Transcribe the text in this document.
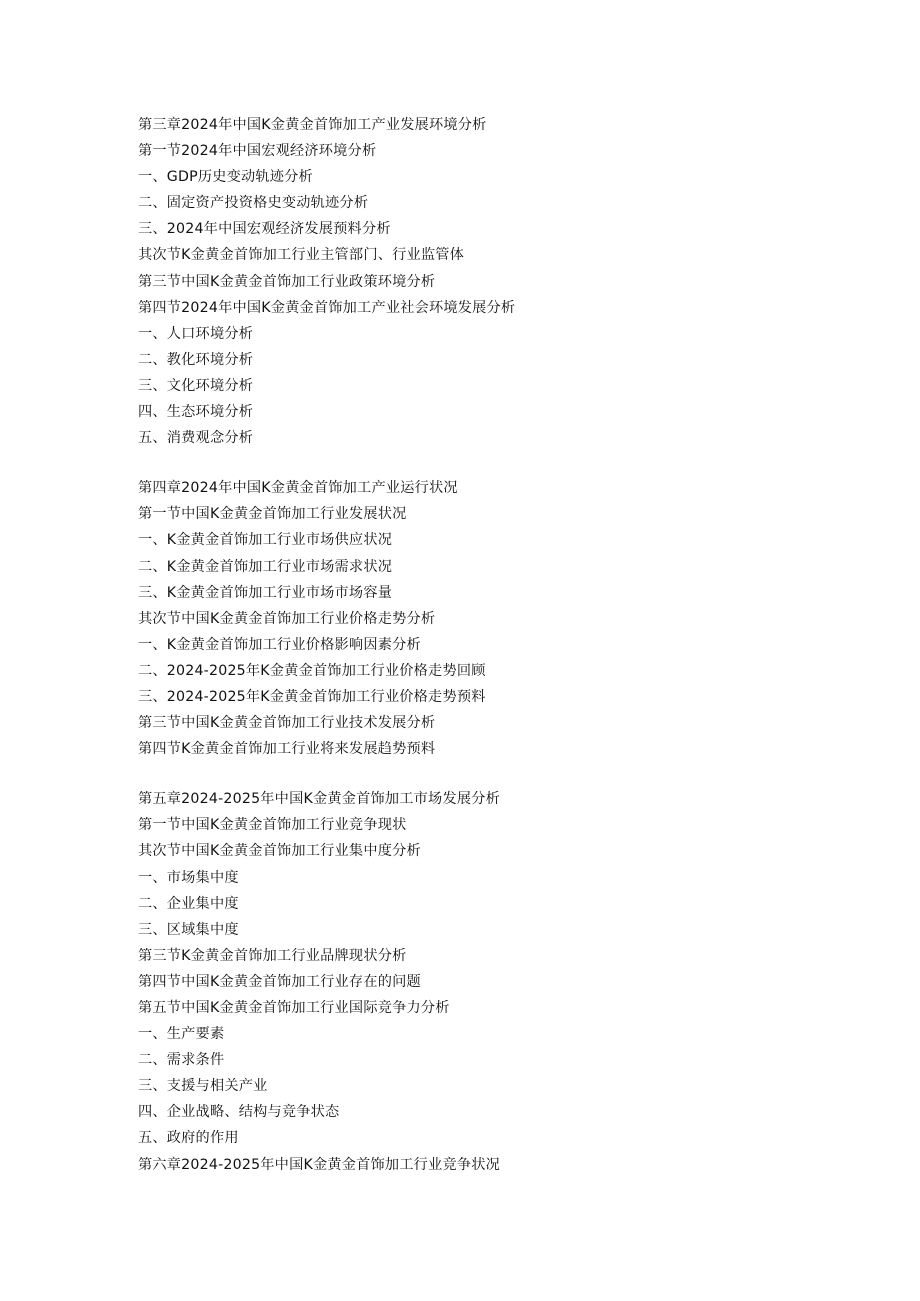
第三章2024年中国K金黄金首饰加工产业发展环境分析
第一节2024年中国宏观经济环境分析
一、GDP历史变动轨迹分析
二、固定资产投资格史变动轨迹分析
三、2024年中国宏观经济发展预料分析
其次节K金黄金首饰加工行业主管部门、行业监管体
第三节中国K金黄金首饰加工行业政策环境分析
第四节2024年中国K金黄金首饰加工产业社会环境发展分析
一、人口环境分析
二、教化环境分析
三、文化环境分析
四、生态环境分析
五、消费观念分析
第四章2024年中国K金黄金首饰加工产业运行状况
第一节中国K金黄金首饰加工行业发展状况
一、K金黄金首饰加工行业市场供应状况
二、K金黄金首饰加工行业市场需求状况
三、K金黄金首饰加工行业市场市场容量
其次节中国K金黄金首饰加工行业价格走势分析
一、K金黄金首饰加工行业价格影响因素分析
二、2024-2025年K金黄金首饰加工行业价格走势回顾
三、2024-2025年K金黄金首饰加工行业价格走势预料
第三节中国K金黄金首饰加工行业技术发展分析
第四节K金黄金首饰加工行业将来发展趋势预料
第五章2024-2025年中国K金黄金首饰加工市场发展分析
第一节中国K金黄金首饰加工行业竞争现状
其次节中国K金黄金首饰加工行业集中度分析
一、市场集中度
二、企业集中度
三、区域集中度
第三节K金黄金首饰加工行业品牌现状分析
第四节中国K金黄金首饰加工行业存在的问题
第五节中国K金黄金首饰加工行业国际竞争力分析
一、生产要素
二、需求条件
三、支援与相关产业
四、企业战略、结构与竞争状态
五、政府的作用
第六章2024-2025年中国K金黄金首饰加工行业竞争状况
